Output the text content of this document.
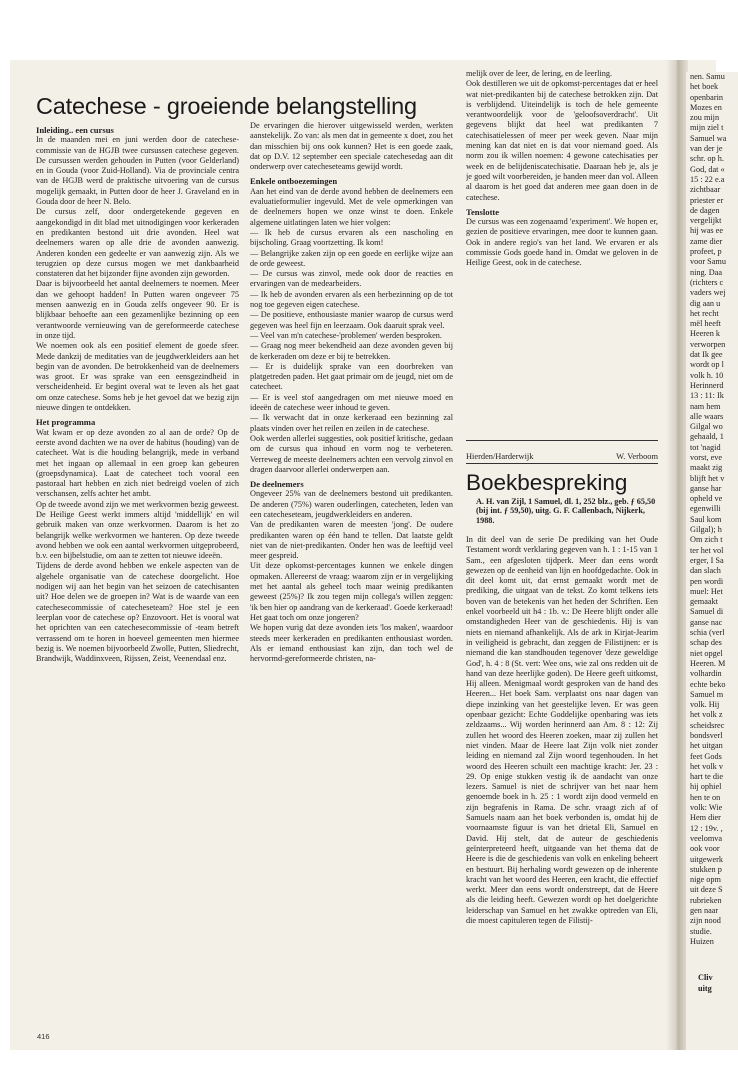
Catechese - groeiende belangstelling
Inleiding.. een cursus

In de maanden mei en juni werden door de catechese-commissie van de HGJB twee cursussen catechese gegeven. De cursussen werden gehouden in Putten (voor Gelderland) en in Gouda (voor Zuid-Holland). Via de provinciale centra van de HGJB werd de praktische uitvoering van de cursus mogelijk gemaakt, in Putten door de heer J. Graveland en in Gouda door de heer N. Belo.

De cursus zelf, door ondergetekende gegeven en aangekondigd in dit blad met uitnodigingen voor kerkeraden en predikanten bestond uit drie avonden. Heel wat deelnemers waren op alle drie de avonden aanwezig. Anderen konden een gedeelte er van aanwezig zijn. Als we terugzien op deze cursus mogen we met dankbaarheid constateren dat het bijzonder fijne avonden zijn geworden.

Daar is bijvoorbeeld het aantal deelnemers te noemen. Meer dan we gehoopt hadden! In Putten waren ongeveer 75 mensen aanwezig en in Gouda zelfs ongeveer 90. Er is blijkbaar behoefte aan een gezamenlijke bezinning op een verantwoorde vernieuwing van de gereformeerde catechese in onze tijd.

We noemen ook als een positief element de goede sfeer. Mede dankzij de meditaties van de jeugdwerkleiders aan het begin van de avonden. De betrokkenheid van de deelnemers was groot. Er was sprake van een eensgezindheid in verscheidenheid. Er begint overal wat te leven als het gaat om onze catechese. Soms heb je het gevoel dat we bezig zijn nieuwe dingen te ontdekken.

Het programma

Wat kwam er op deze avonden zo al aan de orde? Op de eerste avond dachten we na over de habitus (houding) van de catecheet. Wat is die houding belangrijk, mede in verband met het ingaan op allemaal in een groep kan gebeuren (groepsdynamica). Laat de catecheet toch vooral een pastoraal hart hebben en zich niet bedreigd voelen of zich verschansen, zelfs achter het ambt.

Op de tweede avond zijn we met werkvormen bezig geweest. De Heilige Geest werkt immers altijd 'middellijk' en wil gebruik maken van onze werkvormen. Daarom is het zo belangrijk welke werkvormen we hanteren. Op deze tweede avond hebben we ook een aantal werkvormen uitgeprobeerd, b.v. een bijbelstudie, om aan te zetten tot nieuwe ideeën.

Tijdens de derde avond hebben we enkele aspecten van de algehele organisatie van de catechese doorgelicht. Hoe nodigen wij aan het begin van het seizoen de catechisanten uit? Hoe delen we de groepen in? Wat is de waarde van een catechesecommissie of catecheseteam? Hoe stel je een leerplan voor de catechese op? Enzovoort. Het is vooral wat het oprichten van een catechesecommissie of -team betreft verrassend om te horen in hoeveel gemeenten men hiermee bezig is. We noemen bijvoorbeeld Zwolle, Putten, Sliedrecht, Brandwijk, Waddinxveen, Rijssen, Zeist, Veenendaal enz.

De ervaringen die hierover uitgewisseld werden, werkten aanstekelijk. Zo van: als men dat in gemeente x doet, zou het dan misschien bij ons ook kunnen? Het is een goede zaak, dat op D.V. 12 september een speciale catechesedag aan dit onderwerp over catecheseteams gewijd wordt.

Enkele ontboezemingen

Aan het eind van de derde avond hebben de deelnemers een evaluatieformulier ingevuld. Met de vele opmerkingen van de deelnemers hopen we onze winst te doen. Enkele algemene uitlatingen laten we hier volgen:

— Ik heb de cursus ervaren als een nascholing en bijscholing. Graag voortzetting. Ik kom!

— Belangrijke zaken zijn op een goede en eerlijke wijze aan de orde geweest.

— De cursus was zinvol, mede ook door de reacties en ervaringen van de medearbeiders.

— Ik heb de avonden ervaren als een herbezinning op de tot nog toe gegeven eigen catechese.

— De positieve, enthousiaste manier waarop de cursus werd gegeven was heel fijn en leerzaam. Ook daaruit sprak veel.

— Veel van m'n catechese-'problemen' werden besproken.

— Graag nog meer bekendheid aan deze avonden geven bij de kerkeraden om deze er bij te betrekken.

— Er is duidelijk sprake van een doorbreken van platgetreden paden. Het gaat primair om de jeugd, niet om de catecheet.

— Er is veel stof aangedragen om met nieuwe moed en ideeën de catechese weer inhoud te geven.

— Ik verwacht dat in onze kerkeraad een bezinning zal plaats vinden over het reilen en zeilen in de catechese.

Ook werden allerlei suggesties, ook positief kritische, gedaan om de cursus qua inhoud en vorm nog te verbeteren. Verreweg de meeste deelnemers achten een vervolg zinvol en dragen daarvoor allerlei onderwerpen aan.

De deelnemers

Ongeveer 25% van de deelnemers bestond uit predikanten. De anderen (75%) waren ouderlingen, catecheten, leden van een catecheseteam, jeugdwerkleiders en anderen.

Van de predikanten waren de meesten 'jong'. De oudere predikanten waren op één hand te tellen. Dat laatste geldt niet van de niet-predikanten. Onder hen was de leeftijd veel meer gespreid.

Uit deze opkomst-percentages kunnen we enkele dingen opmaken. Allereerst de vraag: waarom zijn er in vergelijking met het aantal als geheel toch maar weinig predikanten geweest (25%)? Ik zou tegen mijn collega's willen zeggen: 'ik ben hier op aandrang van de kerkeraad'. Goede kerkeraad! Het gaat toch om onze jongeren?

We hopen vurig dat deze avonden iets 'los maken', waardoor steeds meer kerkeraden en predikanten enthousiast worden. Als er iemand enthousiast kan zijn, dan toch wel de hervormd-gereformeerde christen, na-

melijk over de leer, de lering, en de leerling.

Ook destilleren we uit de opkomst-percentages dat er heel wat niet-predikanten bij de catechese betrokken zijn. Dat is verblijdend. Uiteindelijk is toch de hele gemeente verantwoordelijk voor de 'geloofsoverdracht'. Uit gegevens blijkt dat heel wat predikanten 7 catechisatielessen of meer per week geven. Naar mijn mening kan dat niet en is dat voor niemand goed. Als norm zou ik willen noemen: 4 gewone catechisaties per week en de belijdeniscatechisatie. Daaraan heb je, als je je goed wilt voorbereiden, je handen meer dan vol. Alleen al daarom is het goed dat anderen mee gaan doen in de catechese.

Tenslotte

De cursus was een zogenaamd 'experiment'. We hopen er, gezien de positieve ervaringen, mee door te kunnen gaan. Ook in andere regio's van het land. We ervaren er als commissie Gods goede hand in. Omdat we geloven in de Heilige Geest, ook in de catechese.

Hierden/Harderwijk	W. Verboom
Boekbespreking
A. H. van Zijl, 1 Samuel, dl. 1, 252 blz., geb. ƒ 65,50 (bij int. ƒ 59,50), uitg. G. F. Callenbach, Nijkerk, 1988.

In dit deel van de serie De prediking van het Oude Testament wordt verklaring gegeven van h. 1 : 1-15 van 1 Sam., een afgesloten tijdperk. Meer dan eens wordt gewezen op de eenheid van lijn en hoofdgedachte. Ook in dit deel komt uit, dat ernst gemaakt wordt met de prediking, die uitgaat van de tekst. Zo komt telkens iets boven van de betekenis van het heden der Schriften. Een enkel voorbeeld uit h4 : 1b. v.: De Heere blijft onder alle omstandigheden Heer van de geschiedenis. Hij is van niets en niemand afhankelijk. Als de ark in Kirjat-Jearim in veiligheid is gebracht, dan zeggen de Filistijnen: er is niemand die kan standhouden tegenover 'deze geweldige God', h. 4 : 8 (St. vert: Wee ons, wie zal ons redden uit de hand van deze heerlijke goden). De Heere geeft uitkomst, Hij alleen. Menigmaal wordt gesproken van de hand des Heeren... Het boek Sam. verplaatst ons naar dagen van diepe inzinking van het geestelijke leven. Er was geen openbaar gezicht: Echte Goddelijke openbaring was iets zeldzaams... Wij worden herinnerd aan Am. 8 : 12: Zij zullen het woord des Heeren zoeken, maar zij zullen het niet vinden. Maar de Heere laat Zijn volk niet zonder leiding en niemand zal Zijn woord tegenhouden. In het woord des Heeren schuilt een machtige kracht: Jer. 23 : 29. Op enige stukken vestig ik de aandacht van onze lezers. Samuel is niet de schrijver van het naar hem genoemde boek in h. 25 : 1 wordt zijn dood vermeld en zijn begrafenis in Rama. De schr. vraagt zich af of Samuels naam aan het boek verbonden is, omdat hij de voornaamste figuur is van het drietal Eli, Samuel en David. Hij stelt, dat de auteur de geschiedenis geïnterpreteerd heeft, uitgaande van het thema dat de Heere is die de geschiedenis van volk en enkeling beheert en bestuurt. Bij herhaling wordt gewezen op de inherente kracht van het woord des Heeren, een kracht, die effectief werkt. Meer dan eens wordt onderstreept, dat de Heere als die leiding heeft. Gewezen wordt op het doelgerichte leiderschap van Samuel en het zwakke optreden van Eli, die moest capituleren tegen de Filistij-

nen. Samu
het boek
openbarin
Mozes en
zou mijn
mijn ziel t
Samuel wa
van der je
schr. op h.
God, dat «
15 : 22 e.a
zichtbaar
priester er
de dagen
vergelijkt
hij was ee
zame dier
profeet, p
voor Samu
ning. Daa
(richters c
vaders wej
dig aan u
het recht
mël heeft
Heeren k
verworpen
dat Ik gee
wordt op l
volk h. 10
Herinnerd
13 : 11: Ik
nam hem
alle waars
Gilgal wo
gehaald, 1
tot 'nagid
vorst, eve
maakt zig
blijft het v
ganse har
opheld ve
egenwilli
Saul kom
Gilgal); h
Om zich t
ter het vol
erger, I Sa
dan slach
pen wordi
muel: Het
gemaakt
Samuel di
ganse nac
schia (verl
schap des
niet opgel
Heeren. M
volhardin
echte beko
Samuel m
volk. Hij
het volk z
scheidsrec
bondsverl
het uitgan
feet Gods
het volk v
hart te die
hij ophiel
hen te on
volk: Wie
Hem dier
12 : 19v. ,
veelomva
ook voor
uitgewerk
stukken p
nige opm
uit deze S
rubrieken
gen naar
zijn nood
studie.
Huizen
Cliv
uitg
416
